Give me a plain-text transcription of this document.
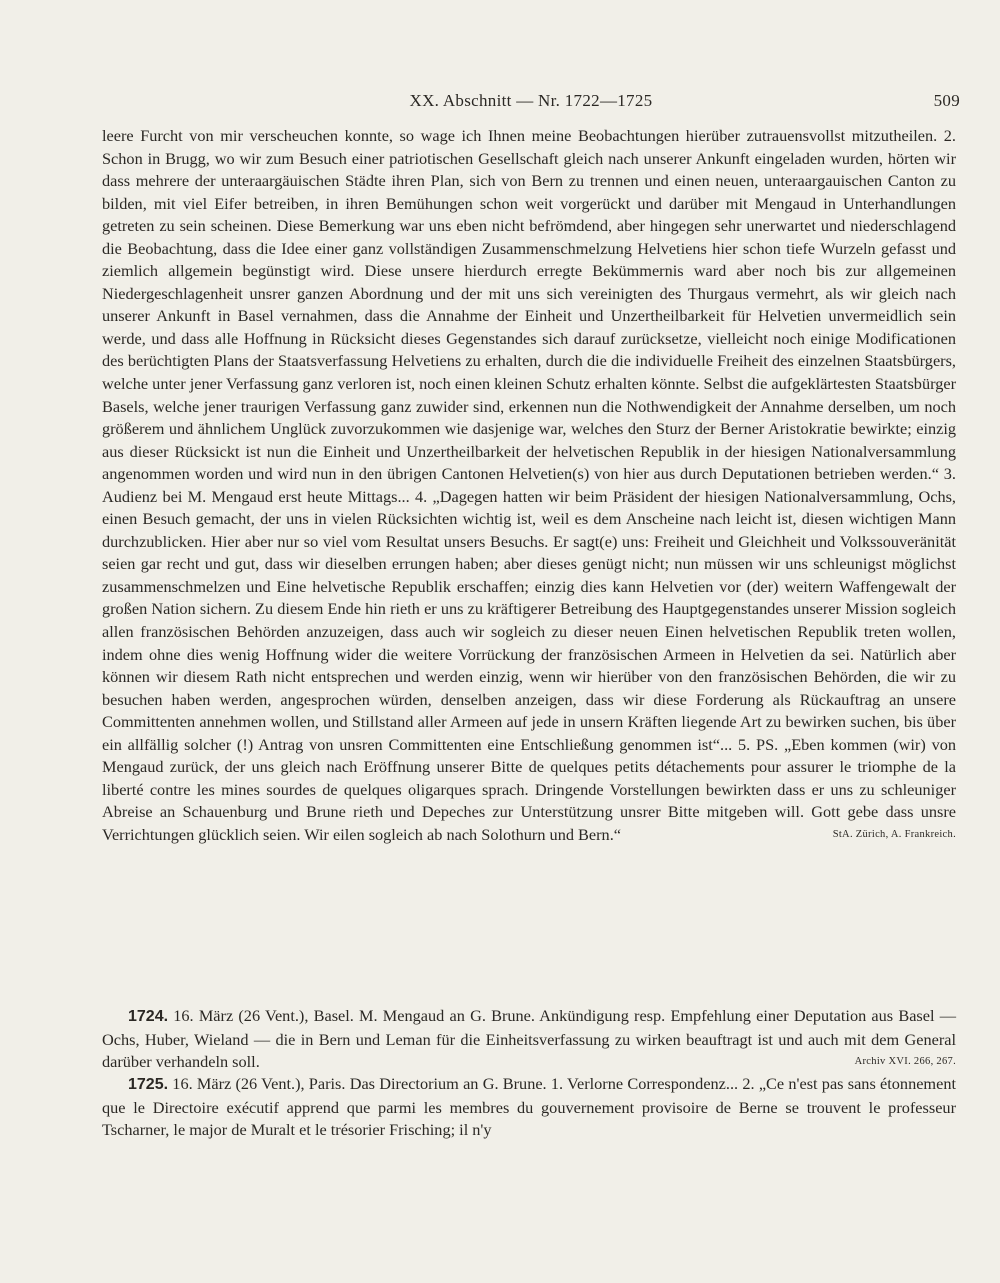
XX. Abschnitt — Nr. 1722—1725	509

leere Furcht von mir verscheuchen konnte, so wage ich Ihnen meine Beobachtungen hierüber zutrauensvollst mitzutheilen. 2. Schon in Brugg, wo wir zum Besuch einer patriotischen Gesellschaft gleich nach unserer Ankunft eingeladen wurden, hörten wir dass mehrere der unteraargäuischen Städte ihren Plan, sich von Bern zu trennen und einen neuen, unteraargauischen Canton zu bilden, mit viel Eifer betreiben, in ihren Bemühungen schon weit vorgerückt und darüber mit Mengaud in Unterhandlungen getreten zu sein scheinen. Diese Bemerkung war uns eben nicht befrömdend, aber hingegen sehr unerwartet und niederschlagend die Beobachtung, dass die Idee einer ganz vollständigen Zusammenschmelzung Helvetiens hier schon tiefe Wurzeln gefasst und ziemlich allgemein begünstigt wird. Diese unsere hierdurch erregte Bekümmernis ward aber noch bis zur allgemeinen Niedergeschlagenheit unsrer ganzen Abordnung und der mit uns sich vereinigten des Thurgaus vermehrt, als wir gleich nach unserer Ankunft in Basel vernahmen, dass die Annahme der Einheit und Unzertheilbarkeit für Helvetien unvermeidlich sein werde, und dass alle Hoffnung in Rücksicht dieses Gegenstandes sich darauf zurücksetze, vielleicht noch einige Modificationen des berüchtigten Plans der Staatsverfassung Helvetiens zu erhalten, durch die die individuelle Freiheit des einzelnen Staatsbürgers, welche unter jener Verfassung ganz verloren ist, noch einen kleinen Schutz erhalten könnte. Selbst die aufgeklärtesten Staatsbürger Basels, welche jener traurigen Verfassung ganz zuwider sind, erkennen nun die Nothwendigkeit der Annahme derselben, um noch größerem und ähnlichem Unglück zuvorzukommen wie dasjenige war, welches den Sturz der Berner Aristokratie bewirkte; einzig aus dieser Rücksickt ist nun die Einheit und Unzertheilbarkeit der helvetischen Republik in der hiesigen Nationalversammlung angenommen worden und wird nun in den übrigen Cantonen Helvetien(s) von hier aus durch Deputationen betrieben werden.“ 3. Audienz bei M. Mengaud erst heute Mittags... 4. „Dagegen hatten wir beim Präsident der hiesigen Nationalversammlung, Ochs, einen Besuch gemacht, der uns in vielen Rücksichten wichtig ist, weil es dem Anscheine nach leicht ist, diesen wichtigen Mann durchzublicken. Hier aber nur so viel vom Resultat unsers Besuchs. Er sagt(e) uns: Freiheit und Gleichheit und Volkssouveränität seien gar recht und gut, dass wir dieselben errungen haben; aber dieses genügt nicht; nun müssen wir uns schleunigst möglichst zusammenschmelzen und Eine helvetische Republik erschaffen; einzig dies kann Helvetien vor (der) weitern Waffengewalt der großen Nation sichern. Zu diesem Ende hin rieth er uns zu kräftigerer Betreibung des Hauptgegenstandes unserer Mission sogleich allen französischen Behörden anzuzeigen, dass auch wir sogleich zu dieser neuen Einen helvetischen Republik treten wollen, indem ohne dies wenig Hoffnung wider die weitere Vorrückung der französischen Armeen in Helvetien da sei. Natürlich aber können wir diesem Rath nicht entsprechen und werden einzig, wenn wir hierüber von den französischen Behörden, die wir zu besuchen haben werden, angesprochen würden, denselben anzeigen, dass wir diese Forderung als Rückauftrag an unsere Committenten annehmen wollen, und Stillstand aller Armeen auf jede in unsern Kräften liegende Art zu bewirken suchen, bis über ein allfällig solcher (!) Antrag von unsren Committenten eine Entschließung genommen ist“... 5. PS. „Eben kommen (wir) von Mengaud zurück, der uns gleich nach Eröffnung unserer Bitte de quelques petits détachements pour assurer le triomphe de la liberté contre les mines sourdes de quelques oligarques sprach. Dringende Vorstellungen bewirkten dass er uns zu schleuniger Abreise an Schauenburg und Brune rieth und Depeches zur Unterstützung unsrer Bitte mitgeben will. Gott gebe dass unsre Verrichtungen glücklich seien. Wir eilen sogleich ab nach Solothurn und Bern.“	StA. Zürich, A. Frankreich.

1724. 16. März (26 Vent.), Basel. M. Mengaud an G. Brune. Ankündigung resp. Empfehlung einer Deputation aus Basel — Ochs, Huber, Wieland — die in Bern und Leman für die Einheitsverfassung zu wirken beauftragt ist und auch mit dem General darüber verhandeln soll.	Archiv XVI. 266, 267.
1725. 16. März (26 Vent.), Paris. Das Directorium an G. Brune. 1. Verlorne Correspondenz... 2. „Ce n'est pas sans étonnement que le Directoire exécutif apprend que parmi les membres du gouvernement provisoire de Berne se trouvent le professeur Tscharner, le major de Muralt et le trésorier Frisching; il n'y
